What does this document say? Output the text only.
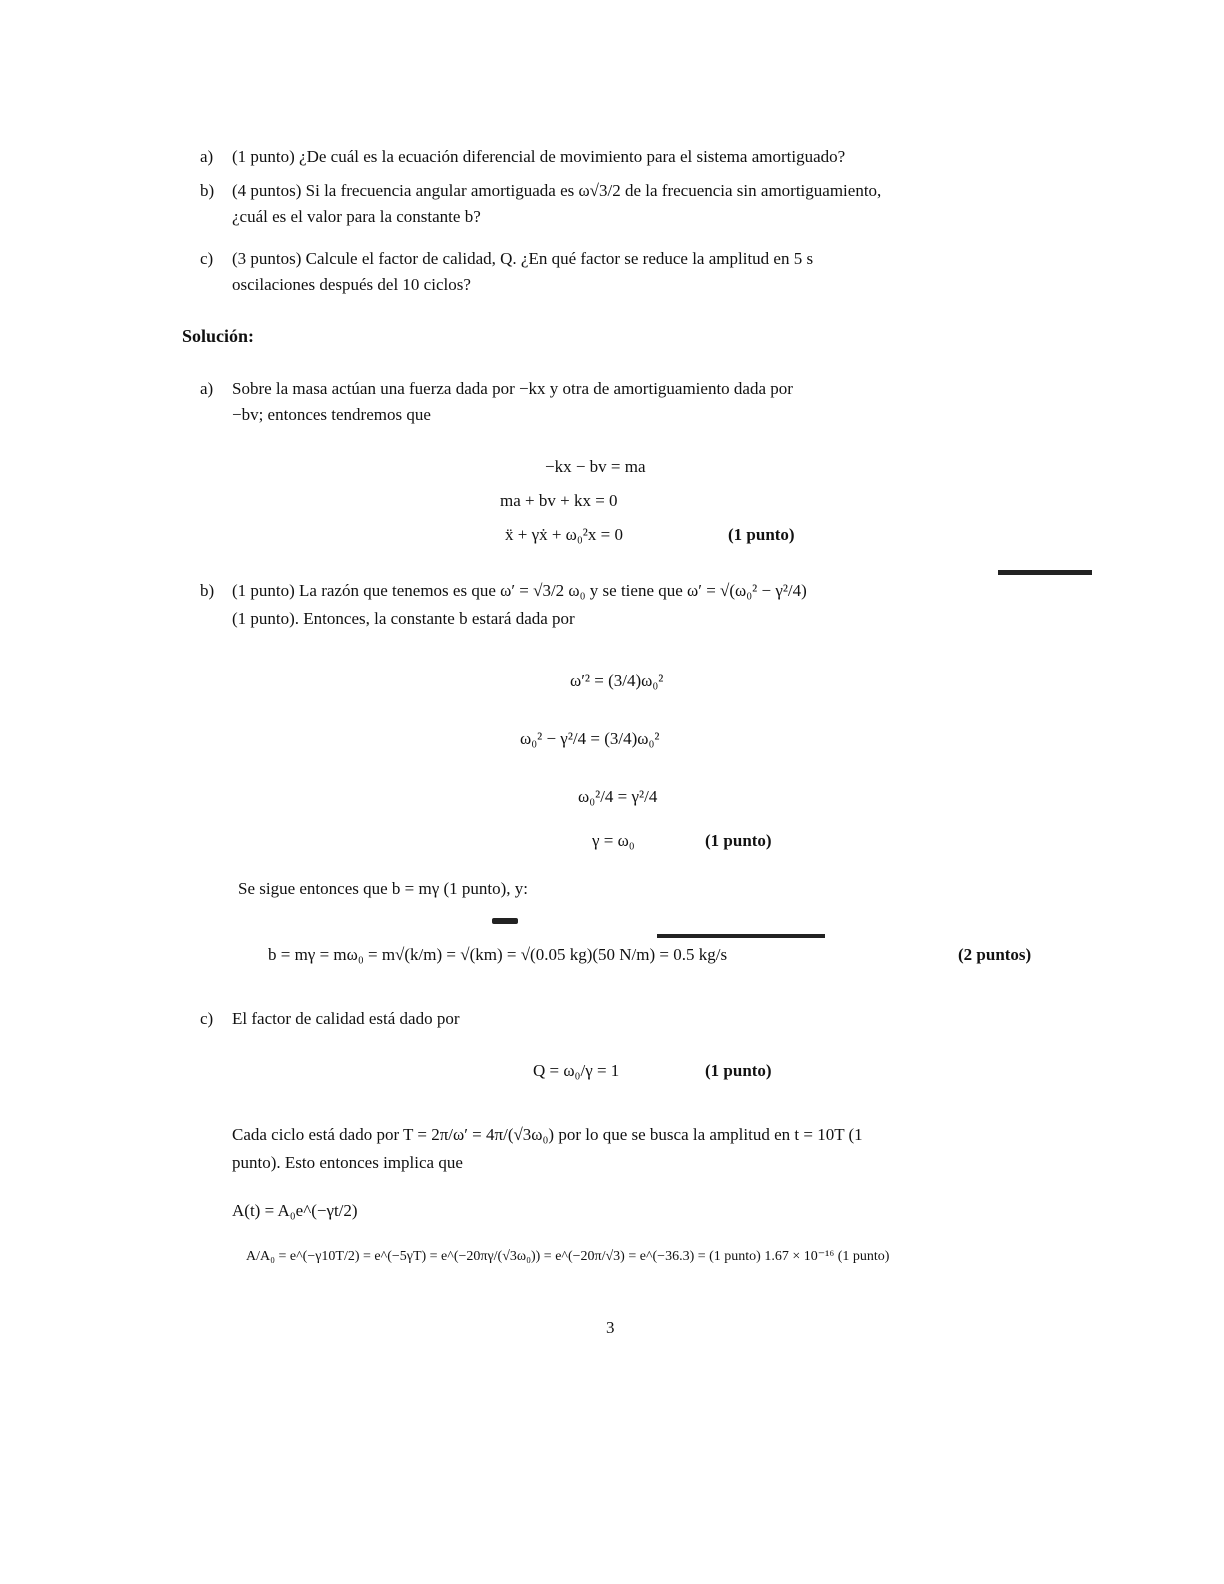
a) (1 punto) ¿De cuál es la ecuación diferencial de movimiento para el sistema amortiguado?
b) (4 puntos) Si la frecuencia angular amortiguada es ω√3/2 de la frecuencia sin amortiguamiento,
¿cuál es el valor para la constante b?
c) (3 puntos) Calcule el factor de calidad, Q. ¿En qué factor se reduce la amplitud en 5 s
oscilaciones después del 10 ciclos?
Solución:
a) Sobre la masa actúan una fuerza dada por −kx y otra de amortiguamiento dada por
−bv; entonces tendremos que
−kx − bv = ma
ma + bv + kx = 0
ẍ + γẋ + ω₀²x = 0	(1 punto)
b) (1 punto) La razón que tenemos es que ω′ = √3/2 ω₀ y se tiene que ω′ = √(ω₀² − γ²/4)
(1 punto). Entonces, la constante b estará dada por
ω′² = (3/4)ω₀²
ω₀² − γ²/4 = (3/4)ω₀²
ω₀²/4 = γ²/4
γ = ω₀	(1 punto)
Se sigue entonces que b = mγ (1 punto), y:
b = mγ = mω₀ = m√(k/m) = √(km) = √(0.05 kg)(50 N/m) = 0.5 kg/s	(2 puntos)
c) El factor de calidad está dado por
Q = ω₀/γ = 1	(1 punto)
Cada ciclo está dado por T = 2π/ω′ = 4π/(√3ω₀) por lo que se busca la amplitud en t = 10T (1
punto). Esto entonces implica que
A(t) = A₀e^(−γt/2)
A/A₀ = e^(−γ10T/2) = e^(−5γT) = e^(−20πγ/(√3ω₀)) = e^(−20π/√3) = e^(−36.3) = (1 punto) 1.67 × 10⁻¹⁶ (1 punto)
3
